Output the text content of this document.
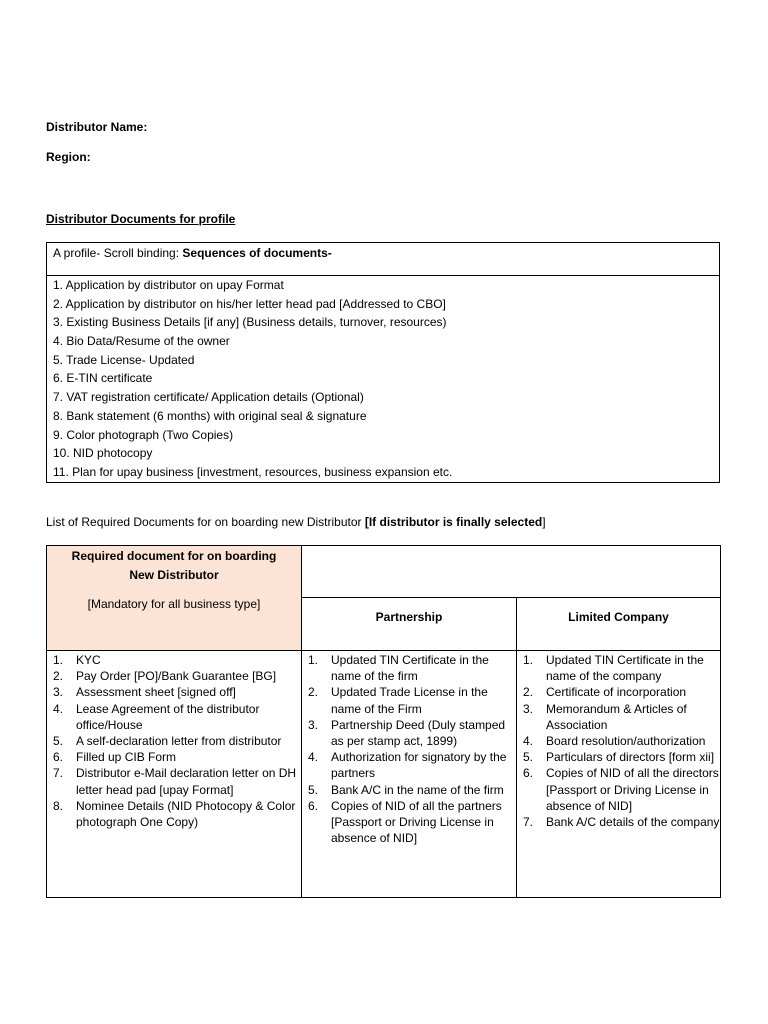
Distributor Name:
Region:
Distributor Documents for profile
A profile- Scroll binding: Sequences of documents-
1. Application by distributor on upay Format
2. Application by distributor on his/her letter head pad [Addressed to CBO]
3. Existing Business Details [if any] (Business details, turnover, resources)
4. Bio Data/Resume of the owner
5. Trade License- Updated
6. E-TIN certificate
7. VAT registration certificate/ Application details (Optional)
8. Bank statement (6 months) with original seal & signature
9. Color photograph (Two Copies)
10. NID photocopy
11. Plan for upay business [investment, resources, business expansion etc.
List of Required Documents for on boarding new Distributor [If distributor is finally selected]
Required document for on boarding
New Distributor
[Mandatory for all business type]
Partnership	Limited Company
1. KYC
2. Pay Order [PO]/Bank Guarantee [BG]
3. Assessment sheet [signed off]
4. Lease Agreement of the distributor office/House
5. A self-declaration letter from distributor
6. Filled up CIB Form
7. Distributor e-Mail declaration letter on DH letter head pad [upay Format]
8. Nominee Details (NID Photocopy & Color photograph One Copy)
1. Updated TIN Certificate in the name of the firm
2. Updated Trade License in the name of the Firm
3. Partnership Deed (Duly stamped as per stamp act, 1899)
4. Authorization for signatory by the partners
5. Bank A/C in the name of the firm
6. Copies of NID of all the partners [Passport or Driving License in absence of NID]
1. Updated TIN Certificate in the name of the company
2. Certificate of incorporation
3. Memorandum & Articles of Association
4. Board resolution/authorization
5. Particulars of directors [form xii]
6. Copies of NID of all the directors [Passport or Driving License in absence of NID]
7. Bank A/C details of the company
